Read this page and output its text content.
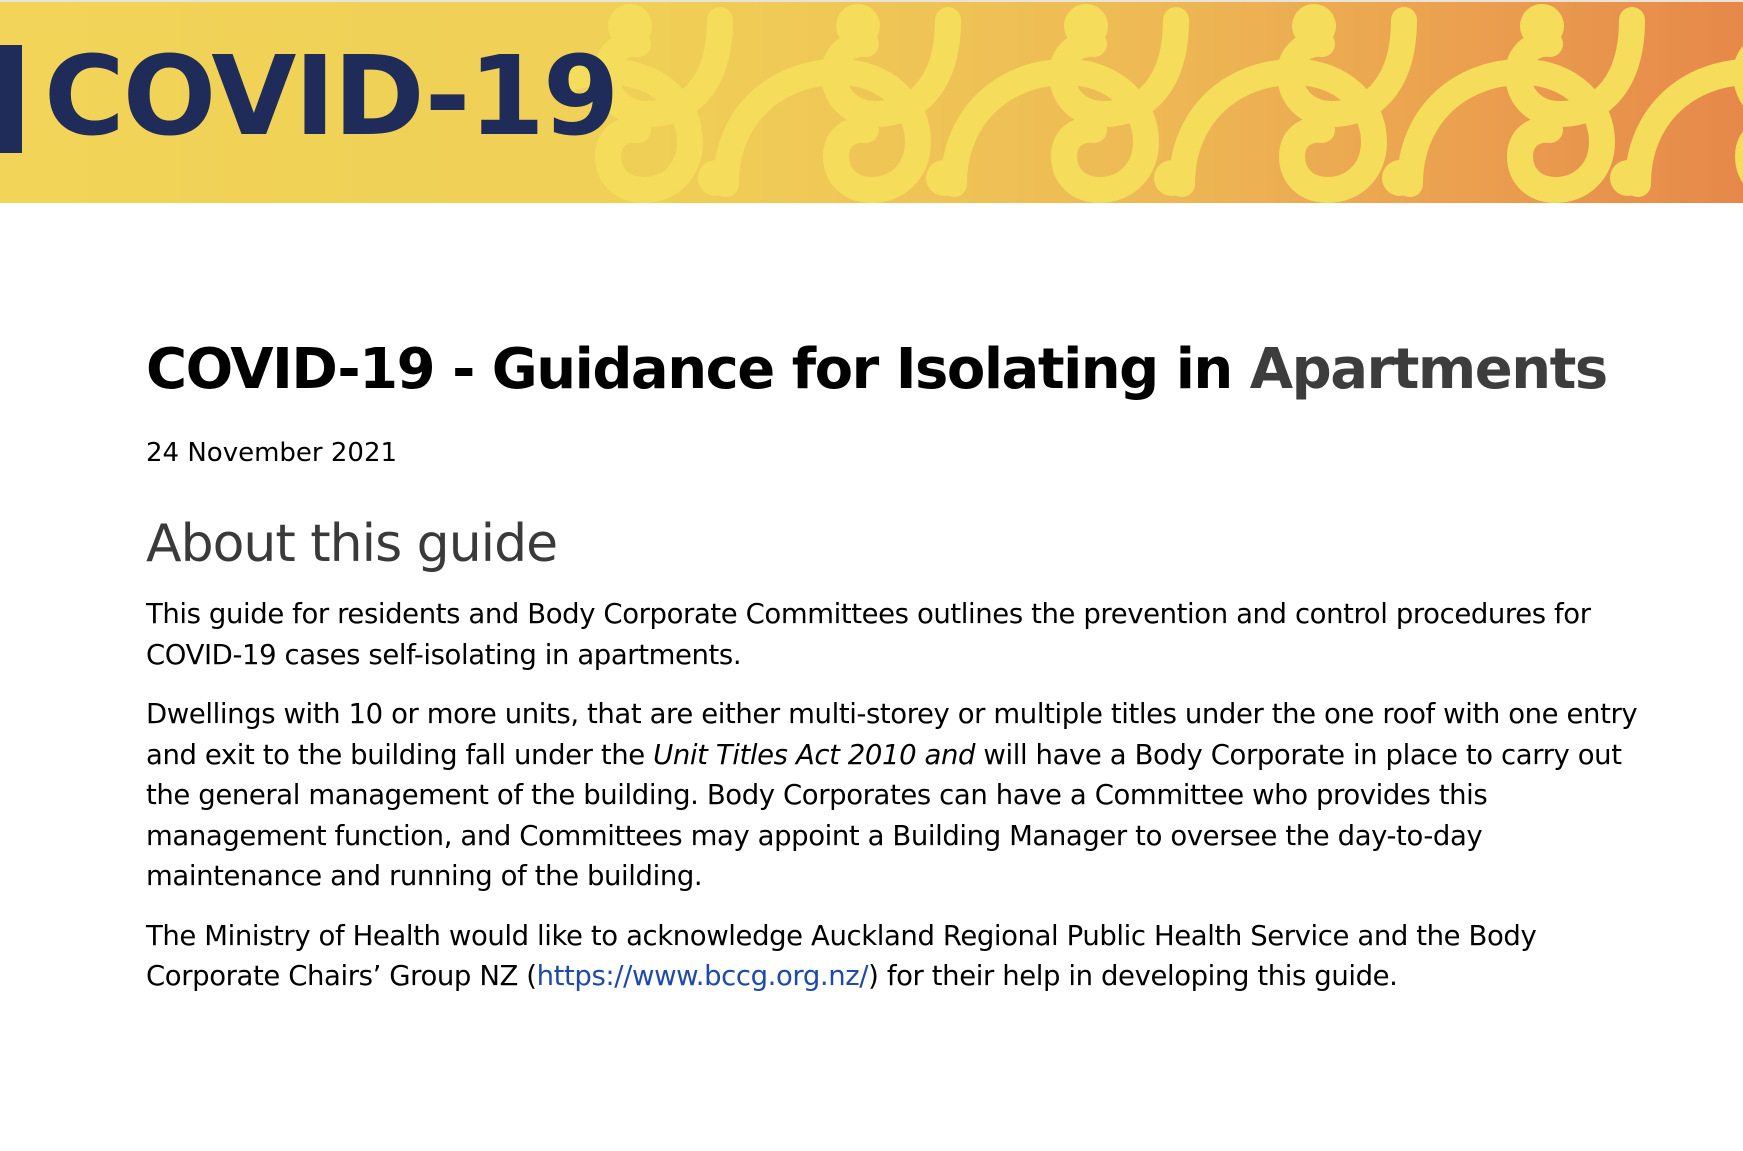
COVID-19
COVID-19 - Guidance for Isolating in Apartments
24 November 2021
About this guide

This guide for residents and Body Corporate Committees outlines the prevention and control procedures for COVID-19 cases self-isolating in apartments.

Dwellings with 10 or more units, that are either multi-storey or multiple titles under the one roof with one entry and exit to the building fall under the Unit Titles Act 2010 and will have a Body Corporate in place to carry out the general management of the building. Body Corporates can have a Committee who provides this management function, and Committees may appoint a Building Manager to oversee the day-to-day maintenance and running of the building.

The Ministry of Health would like to acknowledge Auckland Regional Public Health Service and the Body Corporate Chairs’ Group NZ (https://www.bccg.org.nz/) for their help in developing this guide.
